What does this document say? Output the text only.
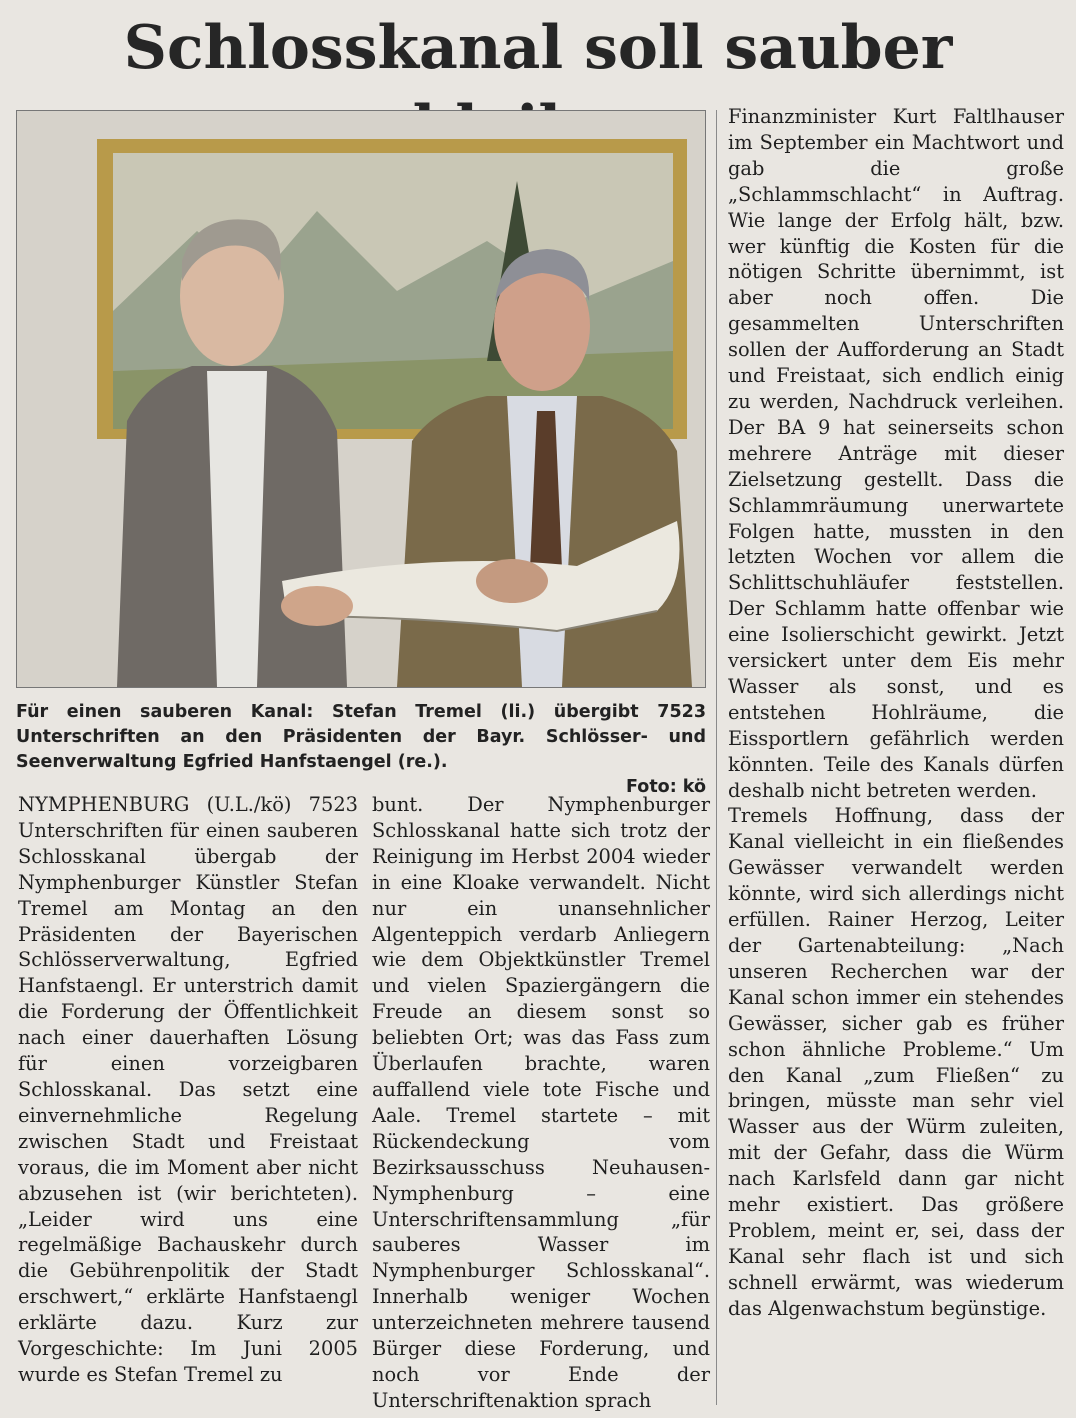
Schlosskanal soll sauber
Für einen sauberen Kanal: Stefan Tremel (li.) übergibt 7523 Unterschriften an den Präsidenten der Bayr. Schlösser- und Seenverwaltung Egfried Hanfstaengel (re.).
Foto: kö

NYMPHENBURG (U.L./kö) 7523 Unterschriften für einen sauberen Schlosskanal übergab der Nymphenburger Künstler Stefan Tremel am Montag an den Präsidenten der Bayerischen Schlösserverwaltung, Egfried Hanfstaengl. Er unterstrich damit die Forderung der Öffentlichkeit nach einer dauerhaften Lösung für einen vorzeigbaren Schlosskanal. Das setzt eine einvernehmliche Regelung zwischen Stadt und Freistaat voraus, die im Moment aber nicht abzusehen ist (wir berichteten). „Leider wird uns eine regelmäßige Bachauskehr durch die Gebührenpolitik der Stadt erschwert,“ erklärte Hanfstaengl erklärte dazu. Kurz zur Vorgeschichte: Im Juni 2005 wurde es Stefan Tremel zu

bunt. Der Nymphenburger Schlosskanal hatte sich trotz der Reinigung im Herbst 2004 wieder in eine Kloake verwandelt. Nicht nur ein unansehnlicher Algenteppich verdarb Anliegern wie dem Objektkünstler Tremel und vielen Spaziergängern die Freude an diesem sonst so beliebten Ort; was das Fass zum Überlaufen brachte, waren auffallend viele tote Fische und Aale. Tremel startete – mit Rückendeckung vom Bezirksausschuss Neuhausen-Nymphenburg – eine Unterschriftensammlung „für sauberes Wasser im Nymphenburger Schlosskanal“. Innerhalb weniger Wochen unterzeichneten mehrere tausend Bürger diese Forderung, und noch vor Ende der Unterschriftenaktion sprach

Finanzminister Kurt Faltlhauser im September ein Machtwort und gab die große „Schlammschlacht“ in Auftrag. Wie lange der Erfolg hält, bzw. wer künftig die Kosten für die nötigen Schritte übernimmt, ist aber noch offen. Die gesammelten Unterschriften sollen der Aufforderung an Stadt und Freistaat, sich endlich einig zu werden, Nachdruck verleihen. Der BA 9 hat seinerseits schon mehrere Anträge mit dieser Zielsetzung gestellt. Dass die Schlammräumung unerwartete Folgen hatte, mussten in den letzten Wochen vor allem die Schlittschuhläufer feststellen. Der Schlamm hatte offenbar wie eine Isolierschicht gewirkt. Jetzt versickert unter dem Eis mehr Wasser als sonst, und es entstehen Hohlräume, die Eissportlern gefährlich werden könnten. Teile des Kanals dürfen deshalb nicht betreten werden.

Tremels Hoffnung, dass der Kanal vielleicht in ein fließendes Gewässer verwandelt werden könnte, wird sich allerdings nicht erfüllen. Rainer Herzog, Leiter der Gartenabteilung: „Nach unseren Recherchen war der Kanal schon immer ein stehendes Gewässer, sicher gab es früher schon ähnliche Probleme.“ Um den Kanal „zum Fließen“ zu bringen, müsste man sehr viel Wasser aus der Würm zuleiten, mit der Gefahr, dass die Würm nach Karlsfeld dann gar nicht mehr existiert. Das größere Problem, meint er, sei, dass der Kanal sehr flach ist und sich schnell erwärmt, was wiederum das Algenwachstum begünstige.
